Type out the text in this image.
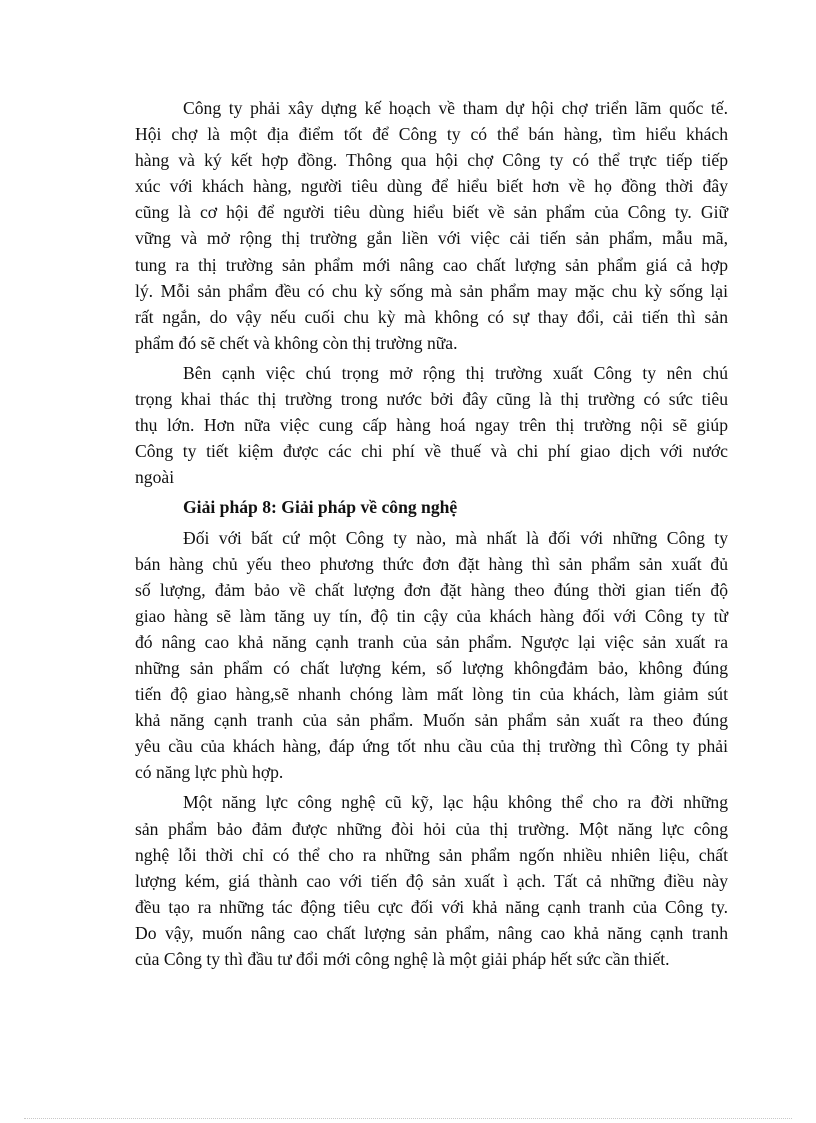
Công ty phải xây dựng kế hoạch về tham dự hội chợ triển lãm quốc tế.
Hội chợ là một địa điểm tốt để Công ty có thể bán hàng, tìm hiểu khách
hàng và ký kết hợp đồng. Thông qua hội chợ Công ty có thể trực tiếp tiếp
xúc với khách hàng, người tiêu dùng để hiểu biết hơn về họ đồng thời đây
cũng là cơ hội để người tiêu dùng hiểu biết về sản phẩm của Công ty. Giữ
vững và mở rộng thị trường gắn liền với việc cải tiến sản phẩm, mẫu mã,
tung ra thị trường sản phẩm mới nâng cao chất lượng sản phẩm giá cả hợp
lý. Mỗi sản phẩm đều có chu kỳ sống mà sản phẩm may mặc chu kỳ sống lại
rất ngắn, do vậy nếu cuối chu kỳ mà không có sự thay đổi, cải tiến thì sản
phẩm đó sẽ chết và không còn thị trường nữa.
Bên cạnh việc chú trọng mở rộng thị trường xuất Công ty nên chú
trọng khai thác thị trường trong nước bởi đây cũng là thị trường có sức tiêu
thụ lớn. Hơn nữa việc cung cấp hàng hoá ngay trên thị trường nội sẽ giúp
Công ty tiết kiệm được các chi phí về thuế và chi phí giao dịch với nước
ngoài
Giải pháp 8: Giải pháp về công nghệ
Đối với bất cứ một Công ty nào, mà nhất là đối với những Công ty
bán hàng chủ yếu theo phương thức đơn đặt hàng thì sản phẩm sản xuất đủ
số lượng, đảm bảo về chất lượng đơn đặt hàng theo đúng thời gian tiến độ
giao hàng sẽ làm tăng uy tín, độ tin cậy của khách hàng đối với Công ty từ
đó nâng cao khả năng cạnh tranh của sản phẩm. Ngược lại việc sản xuất ra
những sản phẩm có chất lượng kém, số lượng khôngđảm bảo, không đúng
tiến độ giao hàng,sẽ nhanh chóng làm mất lòng tin của khách, làm giảm sút
khả năng cạnh tranh của sản phẩm. Muốn sản phẩm sản xuất ra theo đúng
yêu cầu của khách hàng, đáp ứng tốt nhu cầu của thị trường thì Công ty phải
có năng lực phù hợp.
Một năng lực công nghệ cũ kỹ, lạc hậu không thể cho ra đời những
sản phẩm bảo đảm được những đòi hỏi của thị trường. Một năng lực công
nghệ lỗi thời chỉ có thể cho ra những sản phẩm ngốn nhiều nhiên liệu, chất
lượng kém, giá thành cao với tiến độ sản xuất ì ạch. Tất cả những điều này
đều tạo ra những tác động tiêu cực đối với khả năng cạnh tranh của Công ty.
Do vậy, muốn nâng cao chất lượng sản phẩm, nâng cao khả năng cạnh tranh
của Công ty thì đầu tư đổi mới công nghệ là một giải pháp hết sức cần thiết.
